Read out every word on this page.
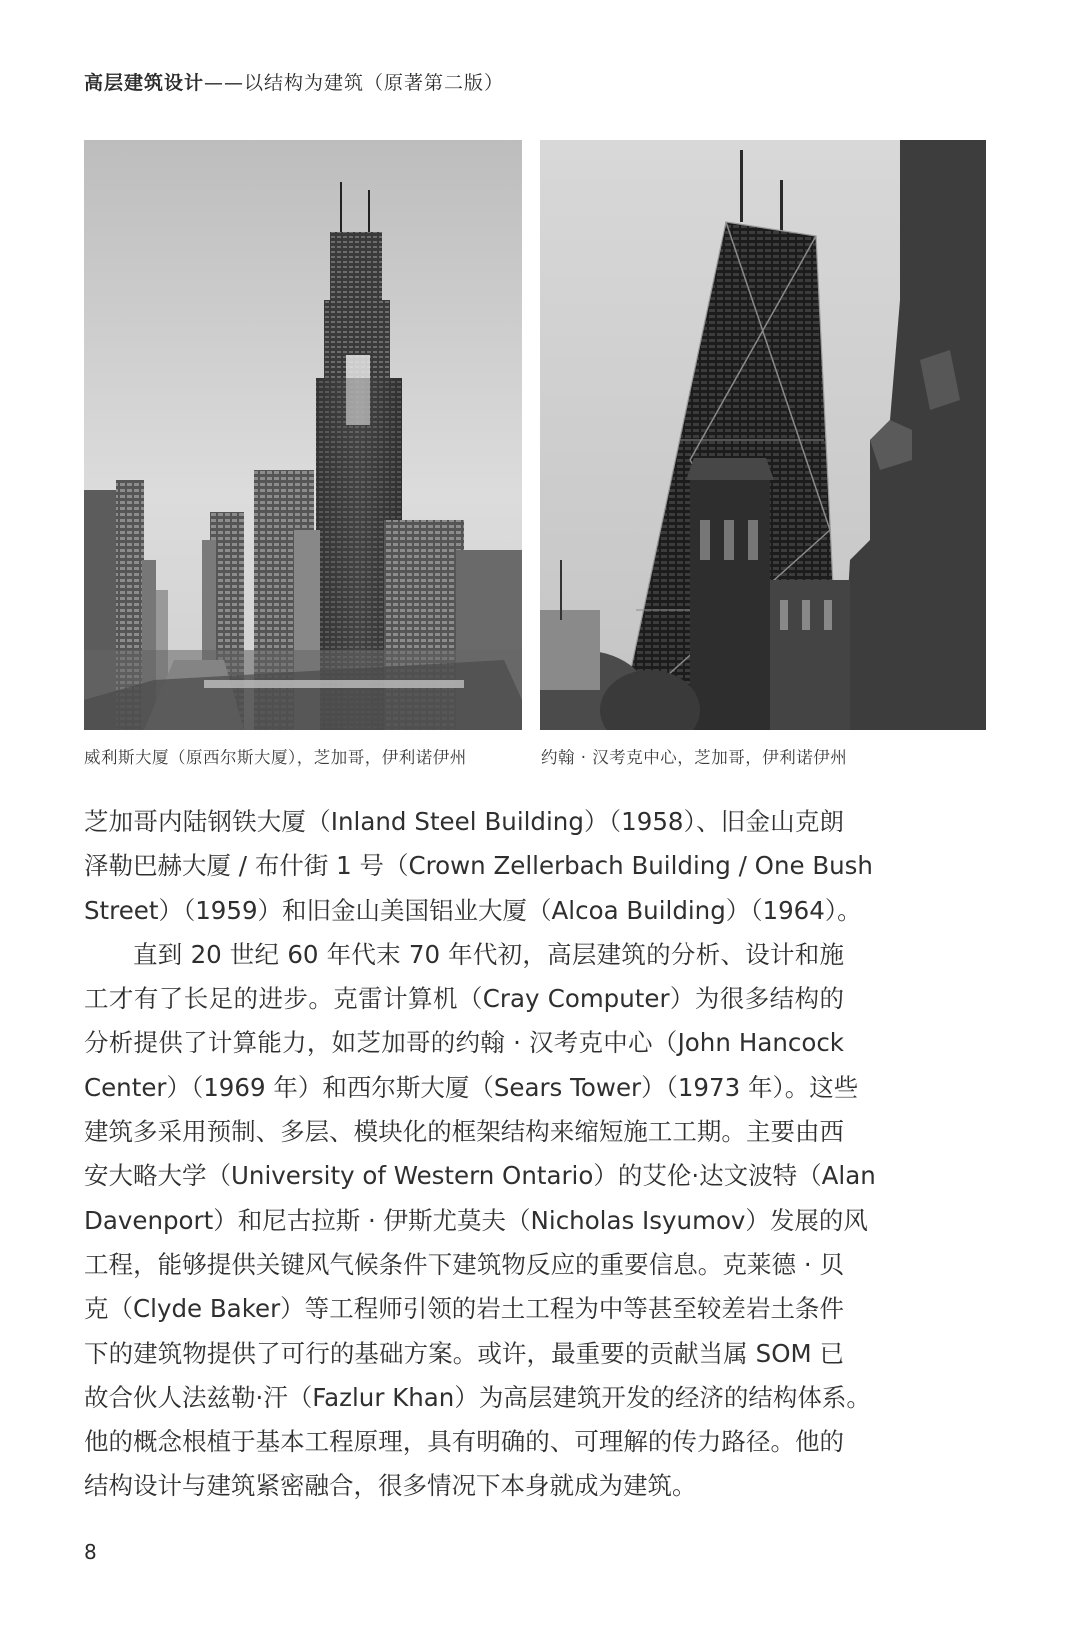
高层建筑设计——以结构为建筑（原著第二版）
威利斯大厦（原西尔斯大厦），芝加哥，伊利诺伊州	约翰 · 汉考克中心，芝加哥，伊利诺伊州
芝加哥内陆钢铁大厦（Inland Steel Building）（1958）、旧金山克朗
泽勒巴赫大厦 / 布什街 1 号（Crown Zellerbach Building / One Bush
Street）（1959）和旧金山美国铝业大厦（Alcoa Building）（1964）。
直到 20 世纪 60 年代末 70 年代初，高层建筑的分析、设计和施
工才有了长足的进步。克雷计算机（Cray Computer）为很多结构的
分析提供了计算能力，如芝加哥的约翰 · 汉考克中心（John Hancock
Center）（1969 年）和西尔斯大厦（Sears Tower）（1973 年）。这些
建筑多采用预制、多层、模块化的框架结构来缩短施工工期。主要由西
安大略大学（University of Western Ontario）的艾伦·达文波特（Alan
Davenport）和尼古拉斯 · 伊斯尤莫夫（Nicholas Isyumov）发展的风
工程，能够提供关键风气候条件下建筑物反应的重要信息。克莱德 · 贝
克（Clyde Baker）等工程师引领的岩土工程为中等甚至较差岩土条件
下的建筑物提供了可行的基础方案。或许，最重要的贡献当属 SOM 已
故合伙人法兹勒·汗（Fazlur Khan）为高层建筑开发的经济的结构体系。
他的概念根植于基本工程原理，具有明确的、可理解的传力路径。他的
结构设计与建筑紧密融合，很多情况下本身就成为建筑。
8
